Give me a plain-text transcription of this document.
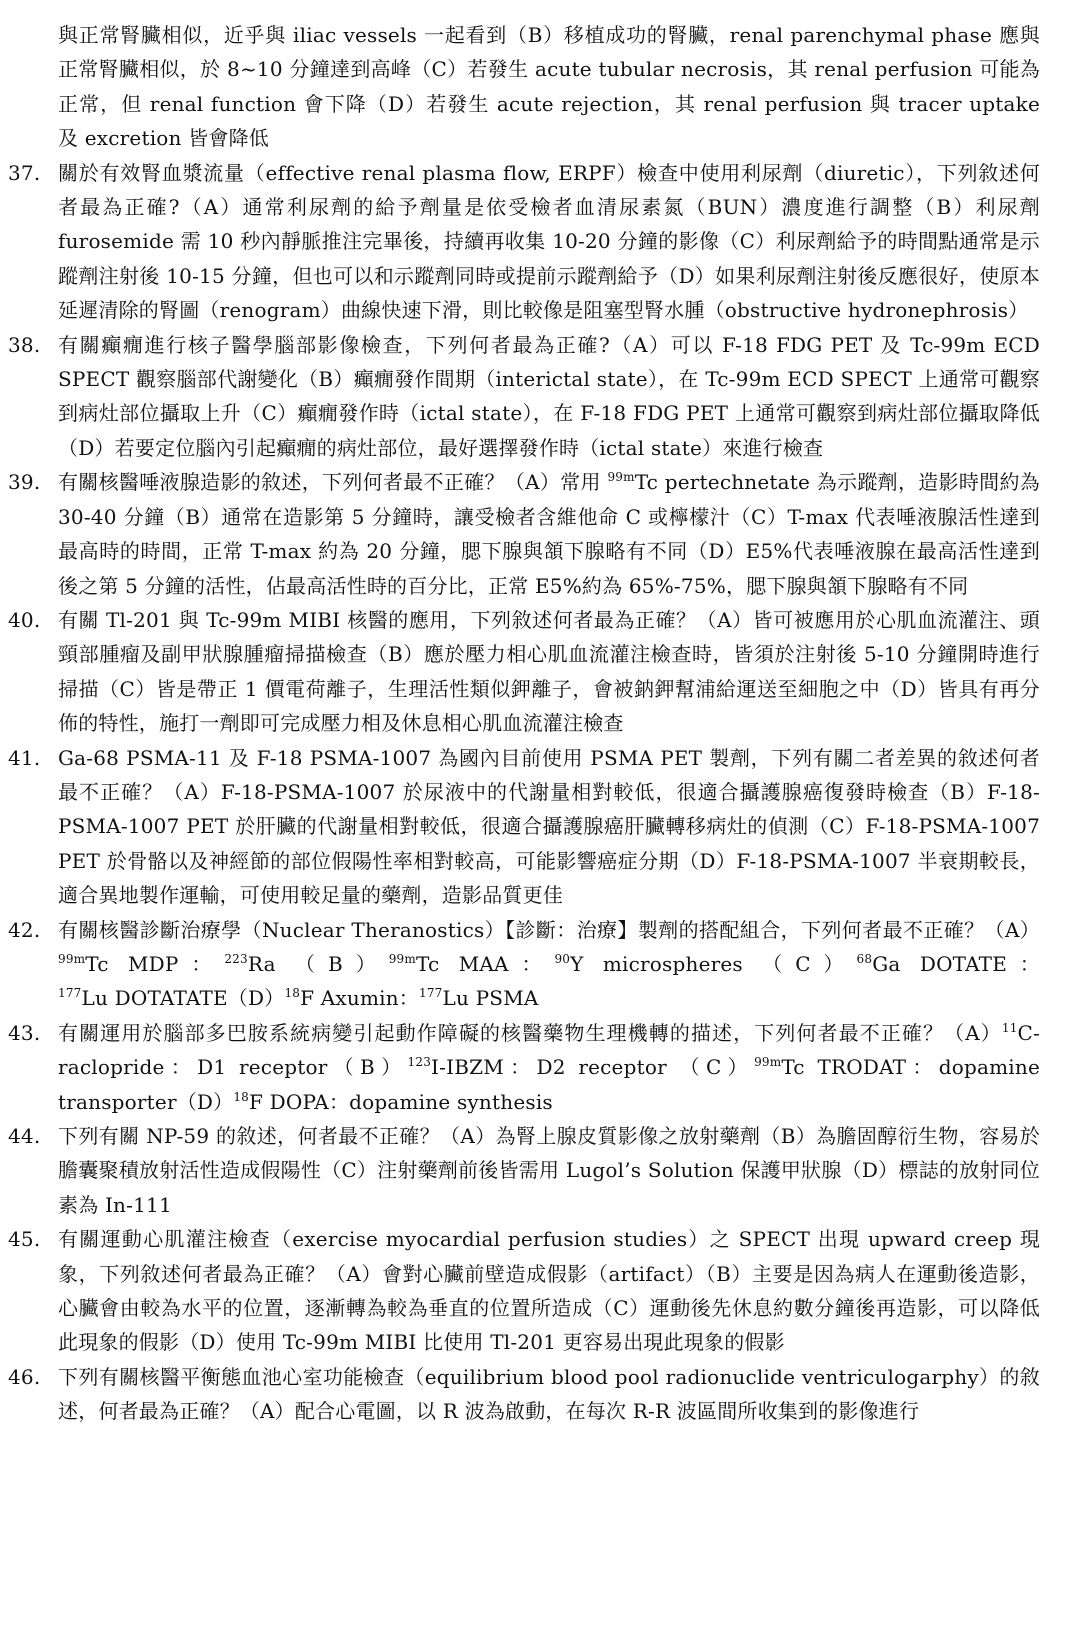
與正常腎臟相似，近乎與 iliac vessels 一起看到（B）移植成功的腎臟，renal parenchymal phase 應與正常腎臟相似，於 8~10 分鐘達到高峰（C）若發生 acute tubular necrosis，其 renal perfusion 可能為正常，但 renal function 會下降（D）若發生 acute rejection，其 renal perfusion 與 tracer uptake 及 excretion 皆會降低
37. 關於有效腎血漿流量（effective renal plasma flow, ERPF）檢查中使用利尿劑（diuretic），下列敘述何者最為正確?（A）通常利尿劑的給予劑量是依受檢者血清尿素氮（BUN）濃度進行調整（B）利尿劑 furosemide 需 10 秒內靜脈推注完畢後，持續再收集 10-20 分鐘的影像（C）利尿劑給予的時間點通常是示蹤劑注射後 10-15 分鐘，但也可以和示蹤劑同時或提前示蹤劑給予（D）如果利尿劑注射後反應很好，使原本延遲清除的腎圖（renogram）曲線快速下滑，則比較像是阻塞型腎水腫（obstructive hydronephrosis）
38. 有關癲癇進行核子醫學腦部影像檢查，下列何者最為正確?（A）可以 F-18 FDG PET 及 Tc-99m ECD SPECT 觀察腦部代謝變化（B）癲癇發作間期（interictal state），在 Tc-99m ECD SPECT 上通常可觀察到病灶部位攝取上升（C）癲癇發作時（ictal state），在 F-18 FDG PET 上通常可觀察到病灶部位攝取降低（D）若要定位腦內引起癲癇的病灶部位，最好選擇發作時（ictal state）來進行檢查
39. 有關核醫唾液腺造影的敘述，下列何者最不正確？（A）常用 $^{99m}$Tc pertechnetate 為示蹤劑，造影時間約為 30-40 分鐘（B）通常在造影第 5 分鐘時，讓受檢者含維他命 C 或檸檬汁（C）T-max 代表唾液腺活性達到最高時的時間，正常 T-max 約為 20 分鐘，腮下腺與頷下腺略有不同（D）E5%代表唾液腺在最高活性達到後之第 5 分鐘的活性，佔最高活性時的百分比，正常 E5%約為 65%-75%，腮下腺與頷下腺略有不同
40. 有關 Tl-201 與 Tc-99m MIBI 核醫的應用，下列敘述何者最為正確？（A）皆可被應用於心肌血流灌注、頭頸部腫瘤及副甲狀腺腫瘤掃描檢查（B）應於壓力相心肌血流灌注檢查時，皆須於注射後 5-10 分鐘開時進行掃描（C）皆是帶正 1 價電荷離子，生理活性類似鉀離子，會被鈉鉀幫浦給運送至細胞之中（D）皆具有再分佈的特性，施打一劑即可完成壓力相及休息相心肌血流灌注檢查
41. Ga-68 PSMA-11 及 F-18 PSMA-1007 為國內目前使用 PSMA PET 製劑，下列有關二者差異的敘述何者最不正確？（A）F-18-PSMA-1007 於尿液中的代謝量相對較低，很適合攝護腺癌復發時檢查（B）F-18-PSMA-1007 PET 於肝臟的代謝量相對較低，很適合攝護腺癌肝臟轉移病灶的偵測（C）F-18-PSMA-1007 PET 於骨骼以及神經節的部位假陽性率相對較高，可能影響癌症分期（D）F-18-PSMA-1007 半衰期較長，適合異地製作運輸，可使用較足量的藥劑，造影品質更佳
42. 有關核醫診斷治療學（Nuclear Theranostics）【診斷：治療】製劑的搭配組合，下列何者最不正確？$(A)^{99m}Tc$ MDP：$^{223}$Ra $(B)^{99m}Tc$ MAA：$^{90}$Y microspheres $(C)^{68}Ga$ DOTATE：$^{177}$Lu $DOTATATE(D)^{18}F$ Axumin：$^{177}$Lu PSMA
43. 有關運用於腦部多巴胺系統病變引起動作障礙的核醫藥物生理機轉的描述，下列何者最不正確？$(A)^{11}C$-raclopride：D1 $receptor(B)^{123}I$-IBZM：D2 receptor $(C)^{99m}Tc$ TRODAT：dopamine $transporter(D)^{18}F$ DOPA：dopamine synthesis
44. 下列有關 NP-59 的敘述，何者最不正確？（A）為腎上腺皮質影像之放射藥劑（B）為膽固醇衍生物，容易於膽囊聚積放射活性造成假陽性（C）注射藥劑前後皆需用 Lugol’s Solution 保護甲狀腺（D）標誌的放射同位素為 In-111
45. 有關運動心肌灌注檢查（exercise myocardial perfusion studies）之 SPECT 出現 upward creep 現象，下列敘述何者最為正確？（A）會對心臟前壁造成假影（artifact）（B）主要是因為病人在運動後造影，心臟會由較為水平的位置，逐漸轉為較為垂直的位置所造成（C）運動後先休息約數分鐘後再造影，可以降低此現象的假影（D）使用 Tc-99m MIBI 比使用 Tl-201 更容易出現此現象的假影
46. 下列有關核醫平衡態血池心室功能檢查（equilibrium blood pool radionuclide ventriculogarphy）的敘述，何者最為正確？（A）配合心電圖，以 R 波為啟動，在每次 R-R 波區間所收集到的影像進行
